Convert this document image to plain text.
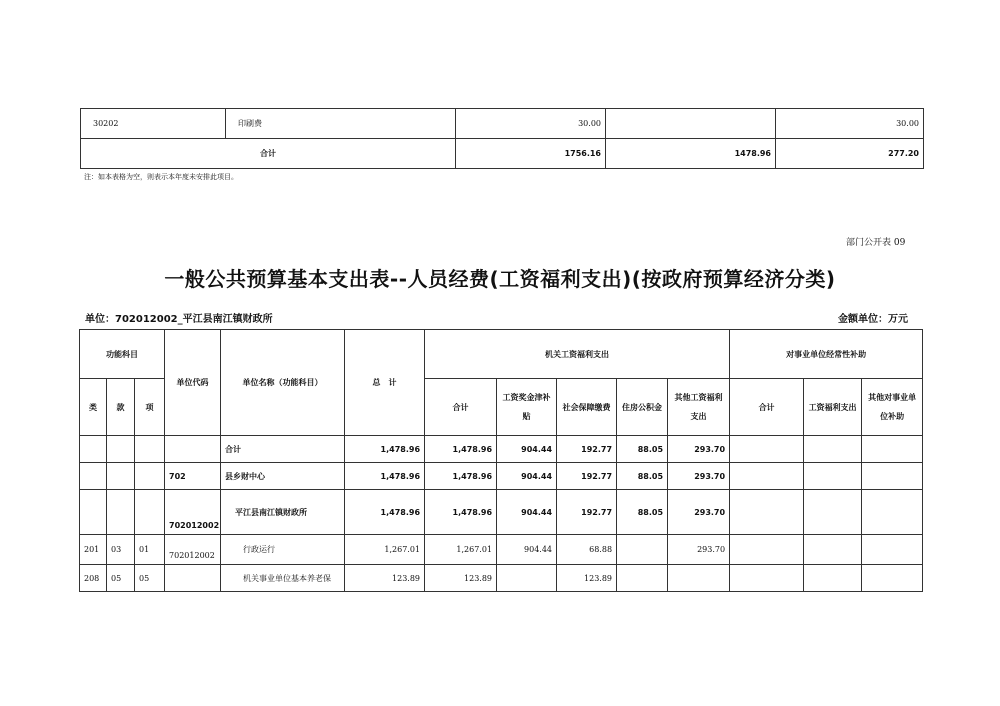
30202	印刷费	30.00		30.00
合计		1756.16	1478.96	277.20
注：如本表格为空，则表示本年度未安排此项目。
部门公开表 09
一般公共预算基本支出表--人员经费(工资福利支出)(按政府预算经济分类)
单位：702012002_平江县南江镇财政所	金额单位：万元
功能科目			单位代码	单位名称（功能科目）	总　计	机关工资福利支出					对事业单位经常性补助		
类	款	项				合计	工资奖金津补贴	社会保障缴费	住房公积金	其他工资福利支出	合计	工资福利支出	其他对事业单位补助
				合计	1,478.96	1,478.96	904.44	192.77	88.05	293.70			
			702	县乡财中心	1,478.96	1,478.96	904.44	192.77	88.05	293.70			
			702012002	平江县南江镇财政所	1,478.96	1,478.96	904.44	192.77	88.05	293.70			
201	03	01	702012002	行政运行	1,267.01	1,267.01	904.44	68.88		293.70			
208	05	05		机关事业单位基本养老保	123.89	123.89		123.89					
